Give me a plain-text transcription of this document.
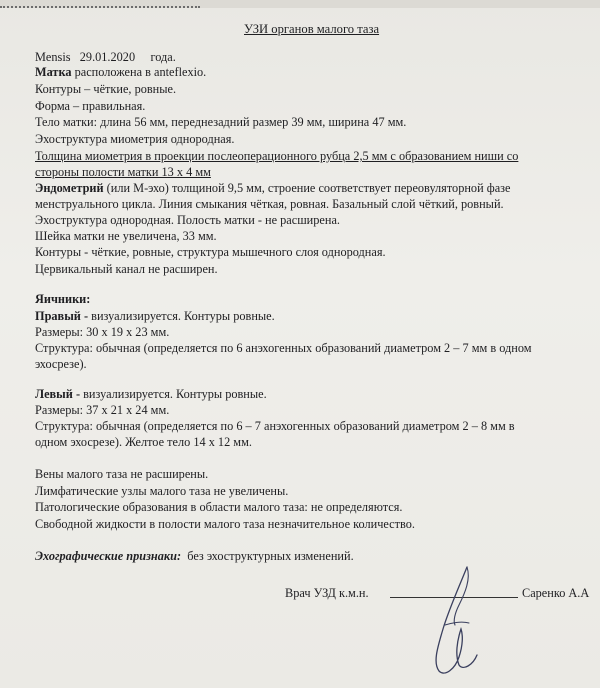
УЗИ органов малого таза
Mensis 29.01.2020 года.
Матка расположена в anteflexio.
Контуры – чёткие, ровные.
Форма – правильная.
Тело матки: длина 56 мм, переднезадний размер 39 мм, ширина 47 мм.
Эхоструктура миометрия однородная.
Толщина миометрия в проекции послеоперационного рубца 2,5 мм с образованием ниши со
стороны полости матки 13 х 4 мм
Эндометрий (или М-эхо) толщиной 9,5 мм, строение соответствует переовуляторной фазе
менструального цикла. Линия смыкания чёткая, ровная. Базальный слой чёткий, ровный.
Эхоструктура однородная. Полость матки - не расширена.
Шейка матки не увеличена, 33 мм.
Контуры - чёткие, ровные, структура мышечного слоя однородная.
Цервикальный канал не расширен.
Яичники:
Правый - визуализируется. Контуры ровные.
Размеры: 30 х 19 х 23 мм.
Структура: обычная (определяется по 6 анэхогенных образований диаметром 2 – 7 мм в одном
эхосрезе).
Левый - визуализируется. Контуры ровные.
Размеры: 37 х 21 х 24 мм.
Структура: обычная (определяется по 6 – 7 анэхогенных образований диаметром 2 – 8 мм в
одном эхосрезе). Желтое тело 14 х 12 мм.
Вены малого таза не расширены.
Лимфатические узлы малого таза не увеличены.
Патологические образования в области малого таза: не определяются.
Свободной жидкости в полости малого таза незначительное количество.
Эхографические признаки: без эхоструктурных изменений.
Врач УЗД к.м.н.	Саренко А.А
